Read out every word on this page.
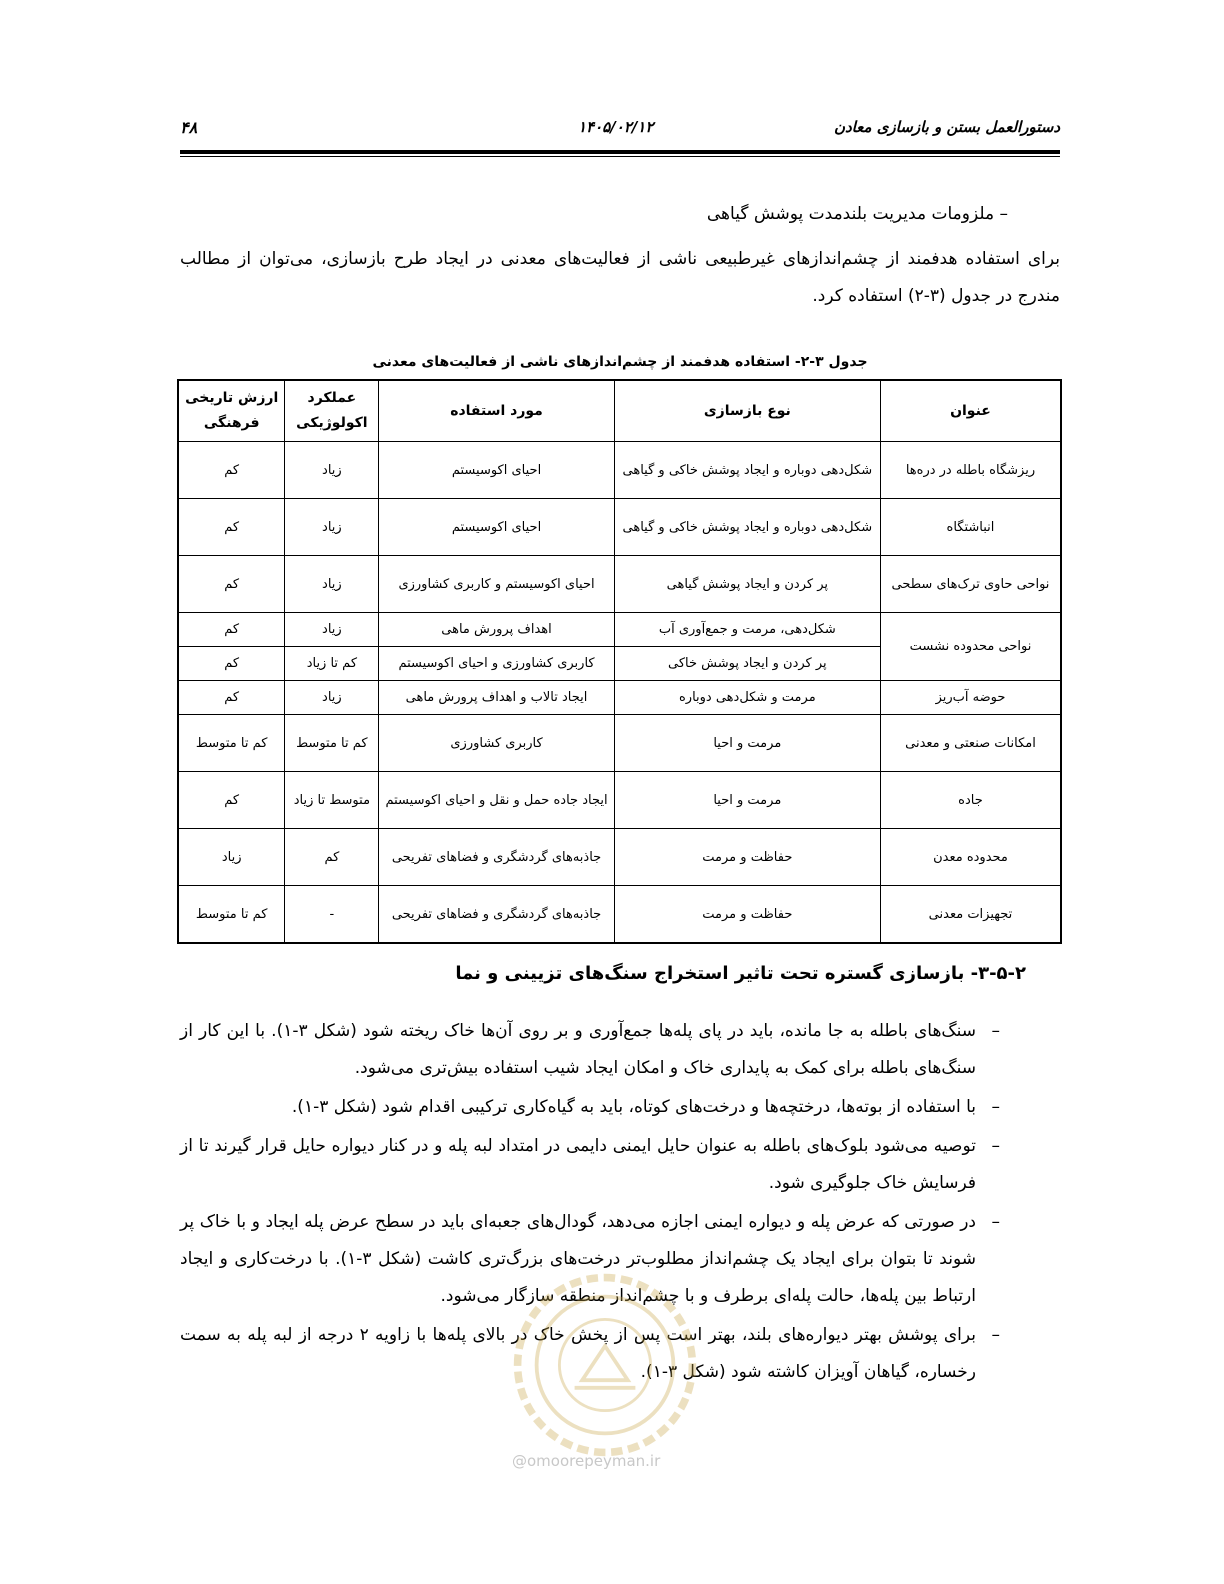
۴۸	۱۴۰۵/۰۲/۱۲	دستورالعمل بستن و بازسازی معادن
– ملزومات مدیریت بلندمدت پوشش گیاهی
برای استفاده هدفمند از چشم‌اندازهای غیرطبیعی ناشی از فعالیت‌های معدنی در ایجاد طرح بازسازی، می‌توان از مطالب مندرج در جدول (۳-۲) استفاده کرد.
جدول ۳-۲- استفاده هدفمند از چشم‌اندازهای ناشی از فعالیت‌های معدنی
عنوان	نوع بازسازی	مورد استفاده	عملکرد اکولوژیکی	ارزش تاریخی فرهنگی
ریزشگاه باطله در دره‌ها	شکل‌دهی دوباره و ایجاد پوشش خاکی و گیاهی	احیای اکوسیستم	زیاد	کم
انباشتگاه	شکل‌دهی دوباره و ایجاد پوشش خاکی و گیاهی	احیای اکوسیستم	زیاد	کم
نواحی حاوی ترک‌های سطحی	پر کردن و ایجاد پوشش گیاهی	احیای اکوسیستم و کاربری کشاورزی	زیاد	کم
نواحی محدوده نشست	شکل‌دهی، مرمت و جمع‌آوری آب	اهداف پرورش ماهی	زیاد	کم
	پر کردن و ایجاد پوشش خاکی	کاربری کشاورزی و احیای اکوسیستم	کم تا زیاد	کم
حوضه آب‌ریز	مرمت و شکل‌دهی دوباره	ایجاد تالاب و اهداف پرورش ماهی	زیاد	کم
امکانات صنعتی و معدنی	مرمت و احیا	کاربری کشاورزی	کم تا متوسط	کم تا متوسط
جاده	مرمت و احیا	ایجاد جاده حمل و نقل و احیای اکوسیستم	متوسط تا زیاد	کم
محدوده معدن	حفاظت و مرمت	جاذبه‌های گردشگری و فضاهای تفریحی	کم	زیاد
تجهیزات معدنی	حفاظت و مرمت	جاذبه‌های گردشگری و فضاهای تفریحی	-	کم تا متوسط
۳-۵-۲- بازسازی گستره تحت تاثیر استخراج سنگ‌های تزیینی و نما
–
سنگ‌های باطله به جا مانده، باید در پای پله‌ها جمع‌آوری و بر روی آن‌ها خاک ریخته شود (شکل ۳-۱). با این کار از سنگ‌های باطله برای کمک به پایداری خاک و امکان ایجاد شیب استفاده بیش‌تری می‌شود.
–
با استفاده از بوته‌ها، درختچه‌ها و درخت‌های کوتاه، باید به گیاه‌کاری ترکیبی اقدام شود (شکل ۳-۱).
–
توصیه می‌شود بلوک‌های باطله به عنوان حایل ایمنی دایمی در امتداد لبه پله و در کنار دیواره حایل قرار گیرند تا از فرسایش خاک جلوگیری شود.
–
در صورتی که عرض پله و دیواره ایمنی اجازه می‌دهد، گودال‌های جعبه‌ای باید در سطح عرض پله ایجاد و با خاک پر شوند تا بتوان برای ایجاد یک چشم‌انداز مطلوب‌تر درخت‌های بزرگ‌تری کاشت (شکل ۳-۱). با درخت‌کاری و ایجاد ارتباط بین پله‌ها، حالت پله‌ای برطرف و با چشم‌انداز منطقه سازگار می‌شود.
–
برای پوشش بهتر دیواره‌های بلند، بهتر است پس از پخش خاک در بالای پله‌ها با زاویه ۲ درجه از لبه پله به سمت رخساره، گیاهان آویزان کاشته شود (شکل ۳-۱).
@omoorepeyman.ir
